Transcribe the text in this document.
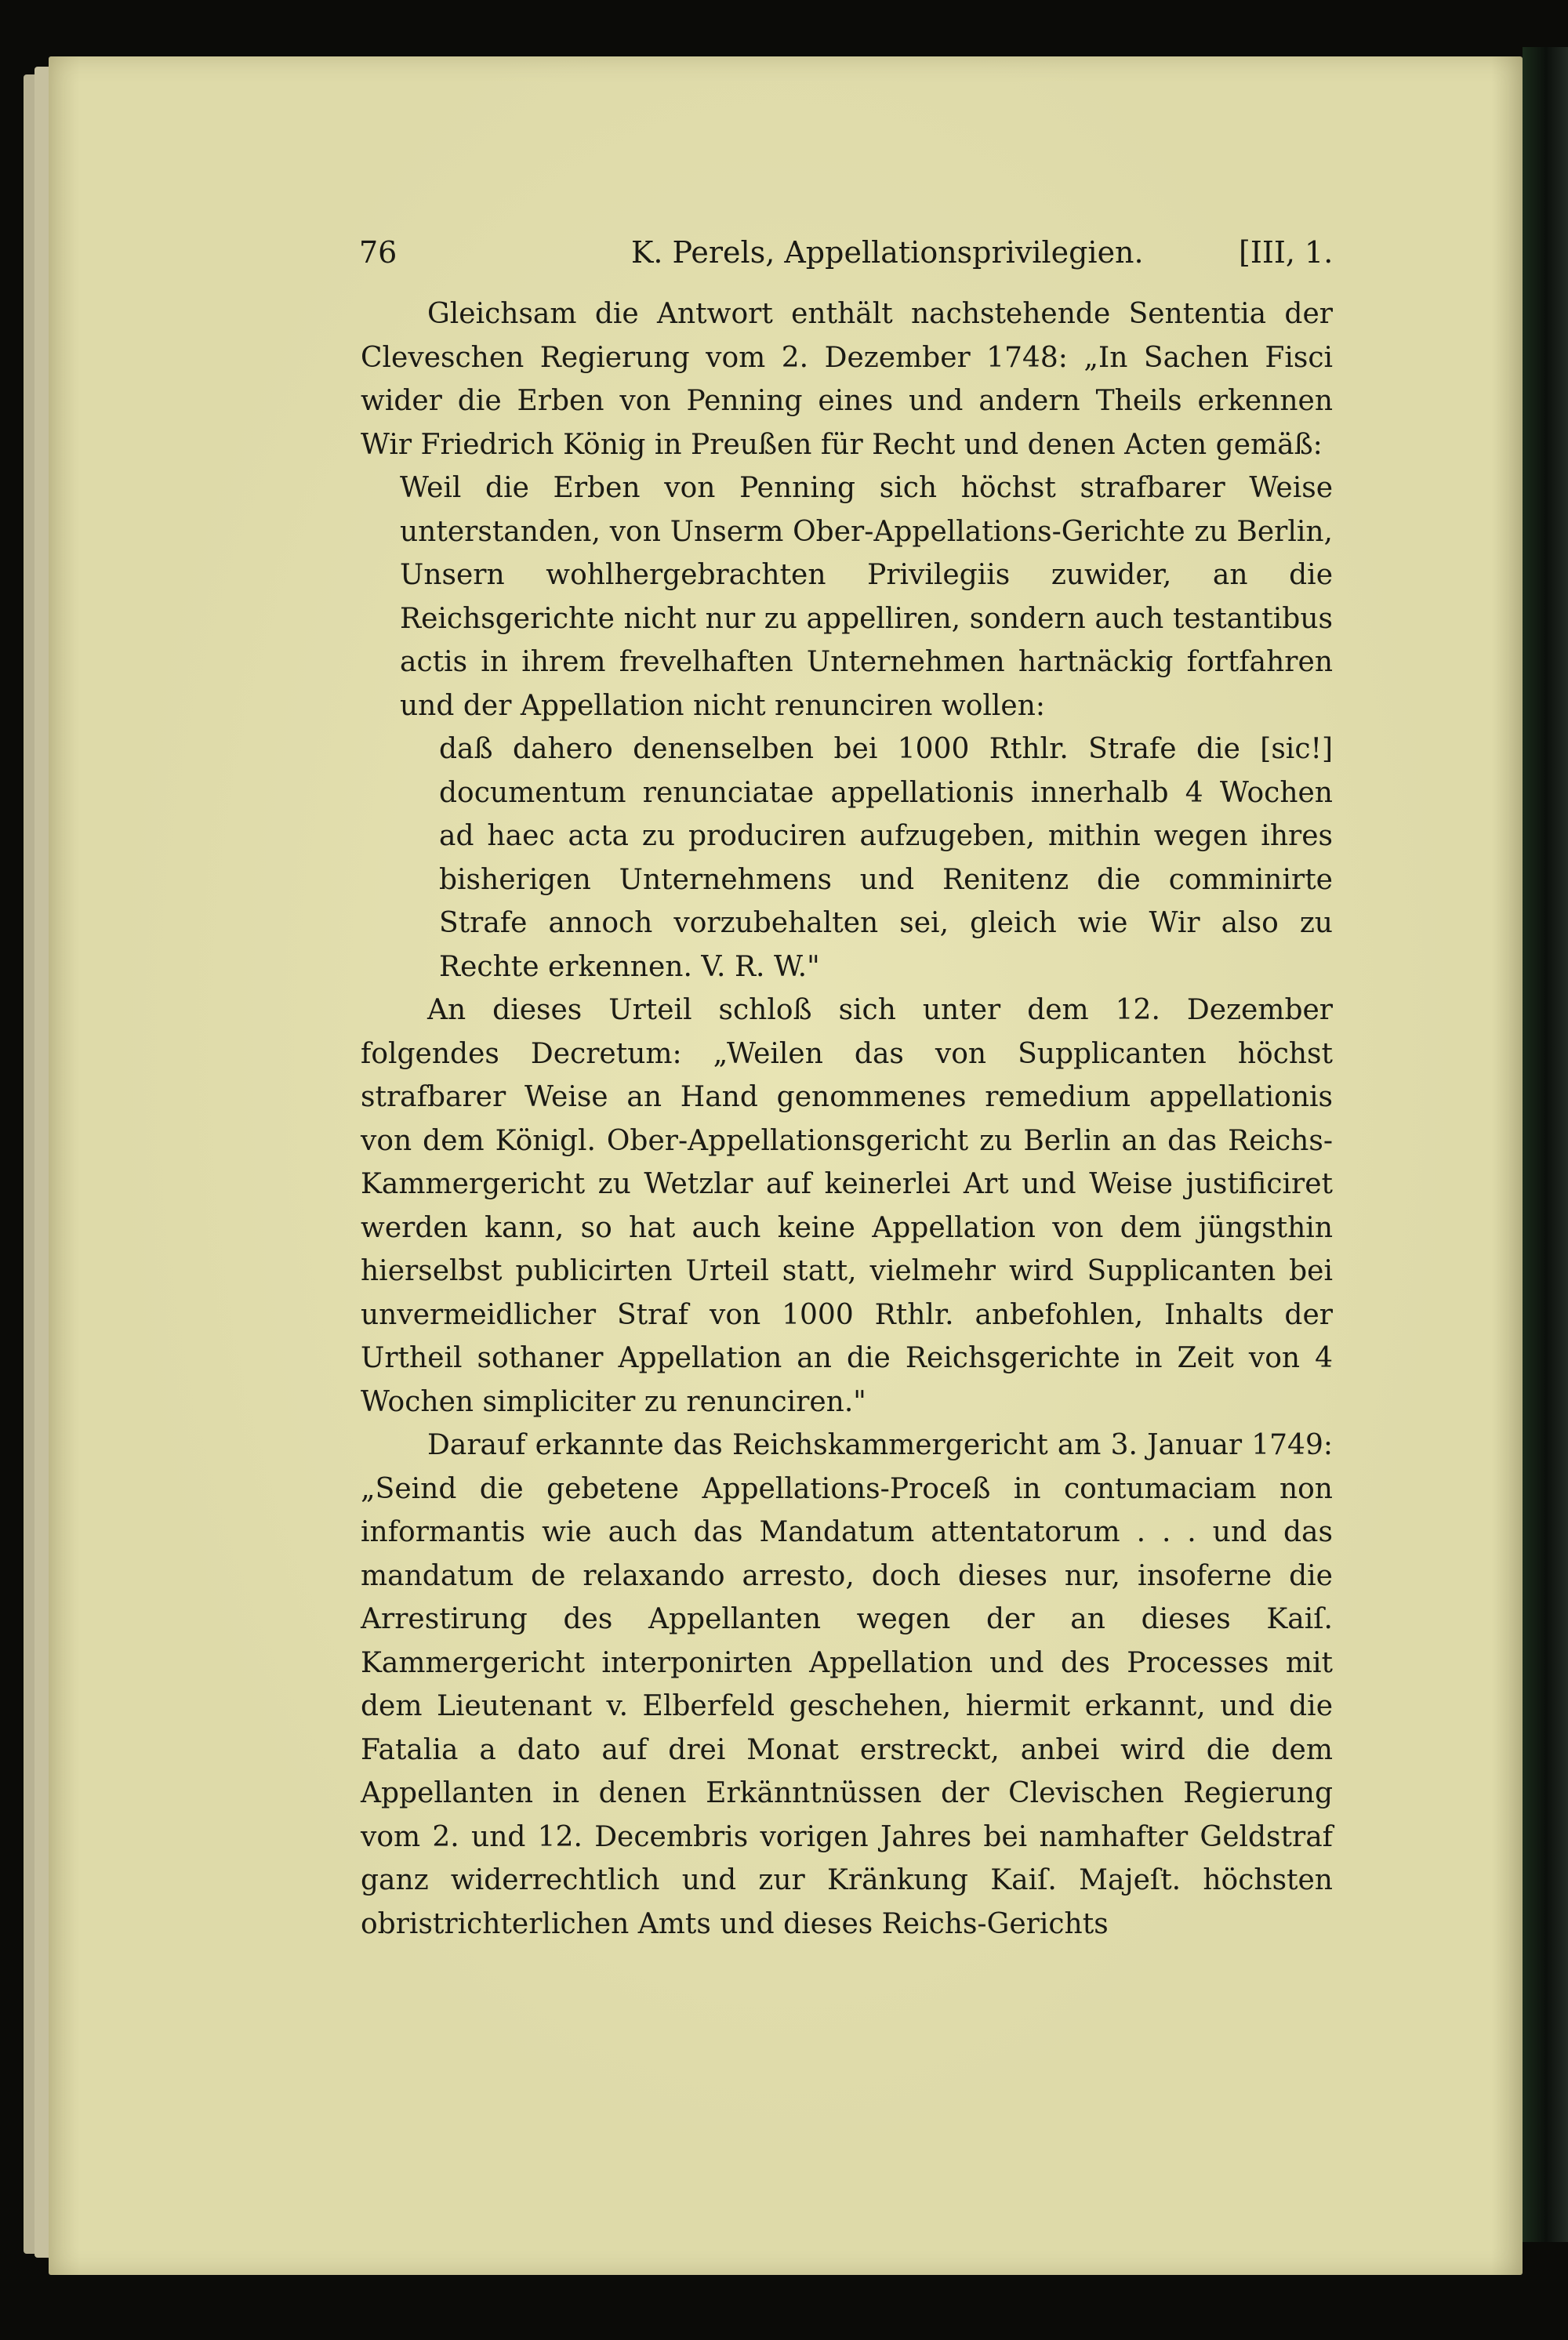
76	K. Perels, Appellationsprivilegien.	[III, 1.

Gleichsam die Antwort enthält nachstehende Sententia der Cleveschen Regierung vom 2. Dezember 1748: „In Sachen Fisci wider die Erben von Penning eines und andern Theils erkennen Wir Friedrich König in Preußen für Recht und denen Acten gemäß:

Weil die Erben von Penning sich höchst strafbarer Weise unterstanden, von Unserm Ober-Appellations-Gerichte zu Berlin, Unsern wohlhergebrachten Privilegiis zuwider, an die Reichsgerichte nicht nur zu appelliren, sondern auch testantibus actis in ihrem frevelhaften Unternehmen hartnäckig fortfahren und der Appellation nicht renunciren wollen:

daß dahero denenselben bei 1000 Rthlr. Strafe die [sic!] documentum renunciatae appellationis innerhalb 4 Wochen ad haec acta zu produciren aufzugeben, mithin wegen ihres bisherigen Unternehmens und Renitenz die comminirte Strafe annoch vorzubehalten sei, gleich wie Wir also zu Rechte erkennen. V. R. W."

An dieses Urteil schloß sich unter dem 12. Dezember folgendes Decretum: „Weilen das von Supplicanten höchst strafbarer Weise an Hand genommenes remedium appellationis von dem Königl. Ober-Appellationsgericht zu Berlin an das Reichs-Kammergericht zu Wetzlar auf keinerlei Art und Weise justificiret werden kann, so hat auch keine Appellation von dem jüngsthin hierselbst publicirten Urteil statt, vielmehr wird Supplicanten bei unvermeidlicher Straf von 1000 Rthlr. anbefohlen, Inhalts der Urtheil sothaner Appellation an die Reichsgerichte in Zeit von 4 Wochen simpliciter zu renunciren."

Darauf erkannte das Reichskammergericht am 3. Januar 1749: „Seind die gebetene Appellations-Proceß in contumaciam non informantis wie auch das Mandatum attentatorum . . . und das mandatum de relaxando arresto, doch dieses nur, insoferne die Arrestirung des Appellanten wegen der an dieses Kaiſ. Kammergericht interponirten Appellation und des Processes mit dem Lieutenant v. Elberfeld geschehen, hiermit erkannt, und die Fatalia a dato auf drei Monat erstreckt, anbei wird die dem Appellanten in denen Erkänntnüssen der Clevischen Regierung vom 2. und 12. Decembris vorigen Jahres bei namhafter Geldstraf ganz widerrechtlich und zur Kränkung Kaiſ. Majeſt. höchsten obristrichterlichen Amts und dieses Reichs-Gerichts
